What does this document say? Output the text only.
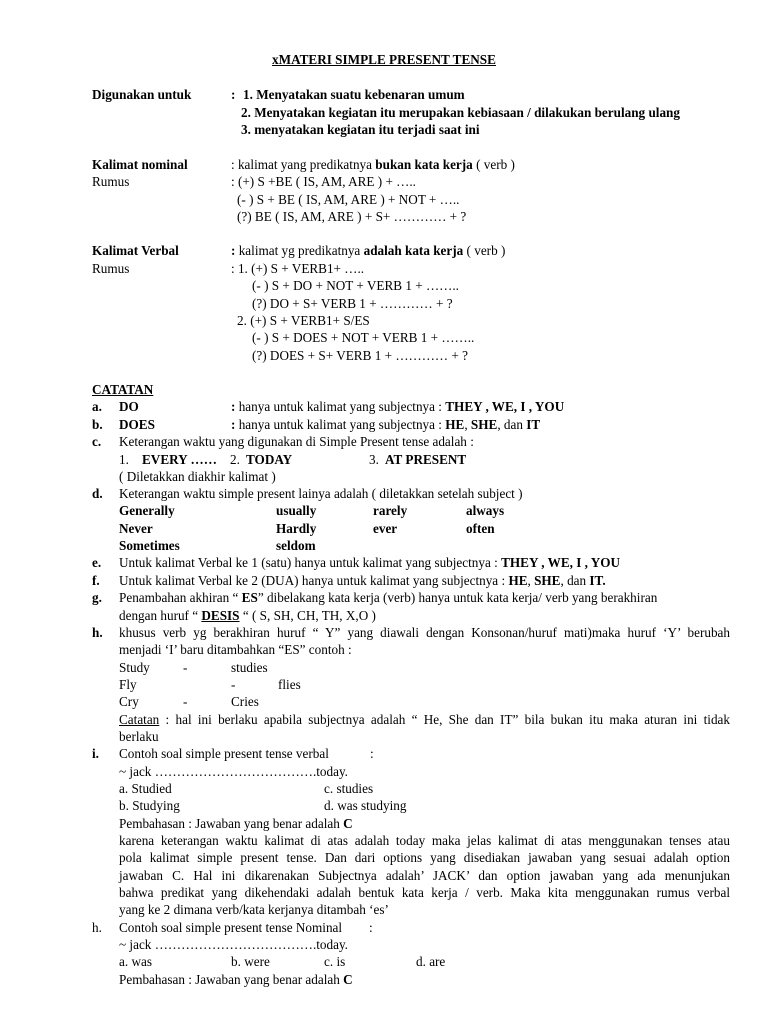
xMATERI SIMPLE PRESENT TENSE
Digunakan untuk	: 1. Menyatakan suatu kebenaran umum
2. Menyatakan kegiatan itu merupakan kebiasaan / dilakukan berulang ulang
3. menyatakan kegiatan itu terjadi saat ini
Kalimat nominal	: kalimat yang predikatnya bukan kata kerja ( verb )
Rumus	: (+) S +BE ( IS, AM, ARE ) + …..
(- ) S + BE ( IS, AM, ARE ) + NOT + …..
(?) BE ( IS, AM, ARE ) + S+ ………… + ?
Kalimat Verbal	: kalimat yg predikatnya adalah kata kerja ( verb )
Rumus	: 1. (+) S + VERB1+ …..
(- ) S + DO + NOT + VERB 1 + ……..
(?) DO + S+ VERB 1 + ………… + ?
2. (+) S + VERB1+ S/ES
(- ) S + DOES + NOT + VERB 1 + ……..
(?) DOES + S+ VERB 1 + ………… + ?
CATATAN
a. DO	: hanya untuk kalimat yang subjectnya : THEY , WE, I , YOU
b. DOES	: hanya untuk kalimat yang subjectnya : HE, SHE, dan IT
c. Keterangan waktu yang digunakan di Simple Present tense adalah :
1. EVERY …… 2. TODAY	3. AT PRESENT
( Diletakkan diakhir kalimat )
d. Keterangan waktu simple present lainya adalah ( diletakkan setelah subject )
Generally	usually	rarely	always
Never	Hardly	ever	often
Sometimes	seldom
e. Untuk kalimat Verbal ke 1 (satu) hanya untuk kalimat yang subjectnya : THEY , WE, I , YOU
f. Untuk kalimat Verbal ke 2 (DUA) hanya untuk kalimat yang subjectnya : HE, SHE, dan IT.
g. Penambahan akhiran “ ES” dibelakang kata kerja (verb) hanya untuk kata kerja/ verb yang berakhiran
dengan huruf “ DESIS “ ( S, SH, CH, TH, X,O )
h. khusus verb yg berakhiran huruf “ Y” yang diawali dengan Konsonan/huruf mati)maka huruf ‘Y’ berubah
menjadi ‘I’ baru ditambahkan “ES” contoh :
Study	-	studies
Fly	-	flies
Cry	-	Cries
Catatan : hal ini berlaku apabila subjectnya adalah “ He, She dan IT” bila bukan itu maka aturan ini tidak
berlaku
i. Contoh soal simple present tense verbal	:
~ jack ……………………………….today.
a. Studied	c. studies
b. Studying	d. was studying
Pembahasan : Jawaban yang benar adalah C
karena keterangan waktu kalimat di atas adalah today maka jelas kalimat di atas menggunakan tenses atau
pola kalimat simple present tense. Dan dari options yang disediakan jawaban yang sesuai adalah option
jawaban C. Hal ini dikarenakan Subjectnya adalah’ JACK’ dan option jawaban yang ada menunjukan
bahwa predikat yang dikehendaki adalah bentuk kata kerja / verb. Maka kita menggunakan rumus verbal
yang ke 2 dimana verb/kata kerjanya ditambah ‘es’
h. Contoh soal simple present tense Nominal :
~ jack ……………………………….today.
a. was	b. were	c. is	d. are
Pembahasan : Jawaban yang benar adalah C
